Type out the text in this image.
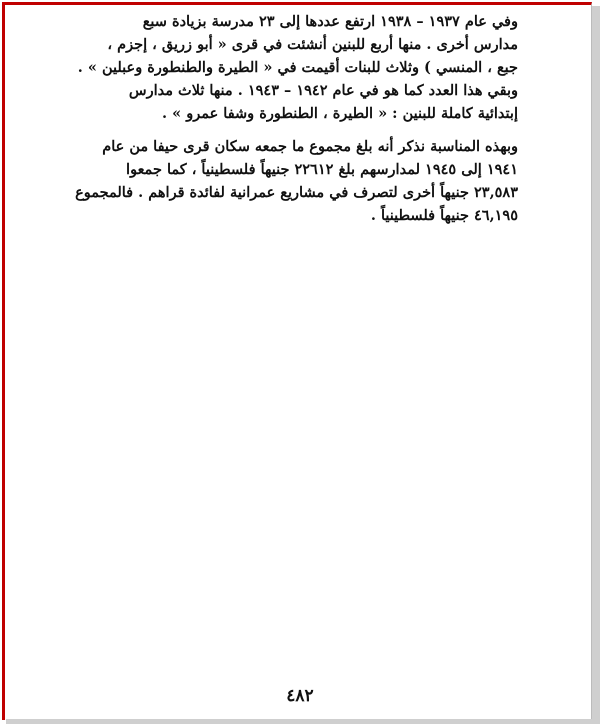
وفي عام ١٩٣٧ – ١٩٣٨ ارتفع عددها إلى ٢٣ مدرسة بزيادة سبع

مدارس أخرى . منها أربع للبنين أنشئت في قرى « أبو زريق ، إجزم ،

جبع ، المنسي ) وثلاث للبنات أقيمت في « الطيرة والطنطورة وعبلين » .

وبقي هذا العدد كما هو في عام ١٩٤٢ – ١٩٤٣ . منها ثلاث مدارس

إبتدائية كاملة للبنين : « الطيرة ، الطنطورة وشفا عمرو » .

وبهذه المناسبة نذكر أنه بلغ مجموع ما جمعه سكان قرى حيفا من عام

١٩٤١ إلى ١٩٤٥ لمدارسهم بلغ ٢٢٦١٢ جنيهاً فلسطينياً ، كما جمعوا

٢٣,٥٨٣ جنيهاً أخرى لتصرف في مشاريع عمرانية لفائدة قراهم . فالمجموع

٤٦,١٩٥ جنيهاً فلسطينياً .

٤٨٢
